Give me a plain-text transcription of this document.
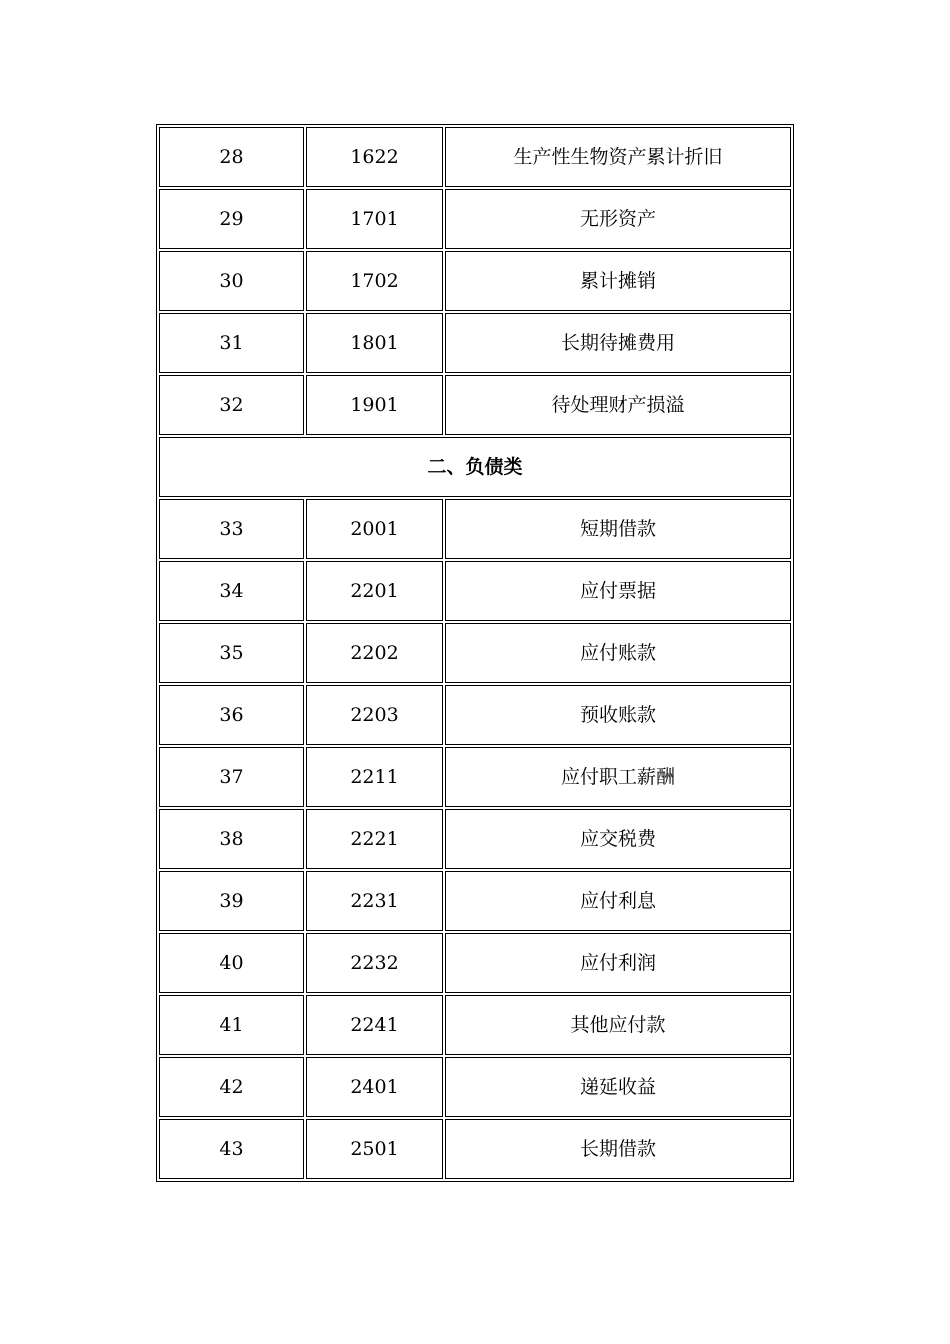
28	1622	生产性生物资产累计折旧
29	1701	无形资产
30	1702	累计摊销
31	1801	长期待摊费用
32	1901	待处理财产损溢
二、负债类		
33	2001	短期借款
34	2201	应付票据
35	2202	应付账款
36	2203	预收账款
37	2211	应付职工薪酬
38	2221	应交税费
39	2231	应付利息
40	2232	应付利润
41	2241	其他应付款
42	2401	递延收益
43	2501	长期借款
